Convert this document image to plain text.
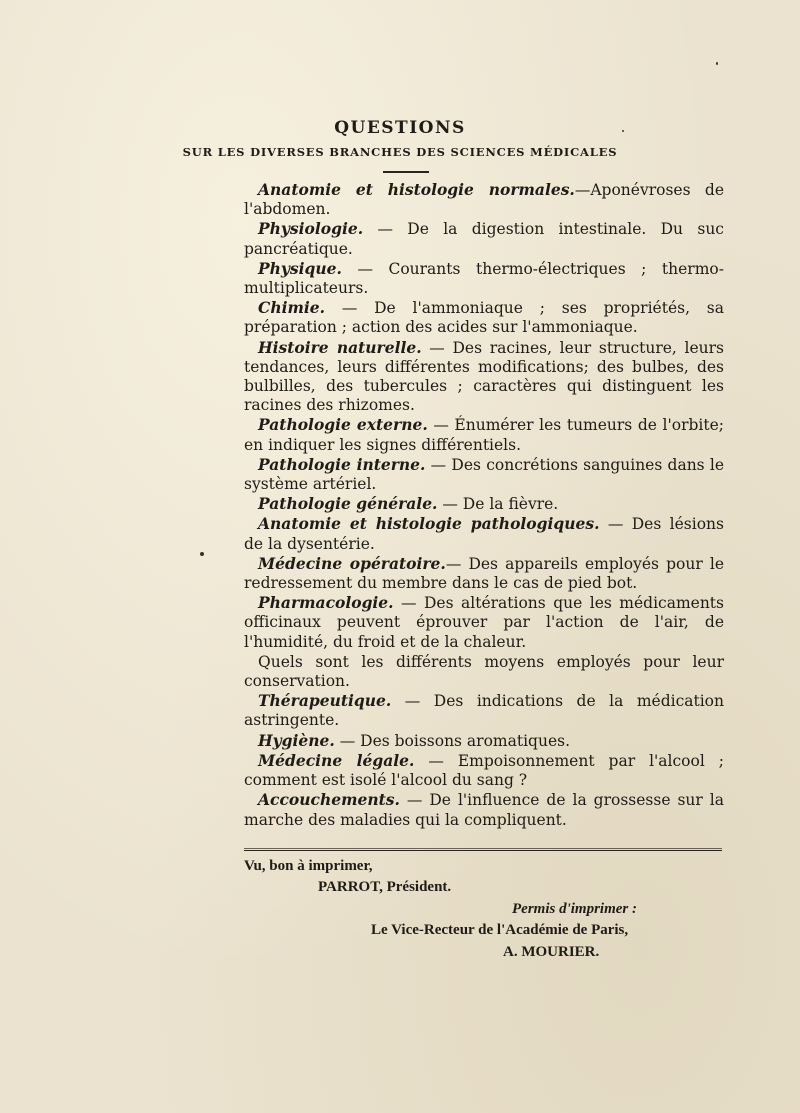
QUESTIONS
SUR LES DIVERSES BRANCHES DES SCIENCES MÉDICALES

Anatomie et histologie normales.—Aponévroses de l'abdomen.

Physiologie. — De la digestion intestinale. Du suc pancréatique.

Physique. — Courants thermo-électriques ; thermo-multiplicateurs.

Chimie. — De l'ammoniaque ; ses propriétés, sa préparation ; action des acides sur l'ammoniaque.

Histoire naturelle. — Des racines, leur structure, leurs tendances, leurs différentes modifications; des bulbes, des bulbilles, des tubercules ; caractères qui distinguent les racines des rhizomes.

Pathologie externe. — Énumérer les tumeurs de l'orbite; en indiquer les signes différentiels.

Pathologie interne. — Des concrétions sanguines dans le système artériel.

Pathologie générale. — De la fièvre.

Anatomie et histologie pathologiques. — Des lésions de la dysentérie.

Médecine opératoire.— Des appareils employés pour le redressement du membre dans le cas de pied bot.

Pharmacologie. — Des altérations que les médicaments officinaux peuvent éprouver par l'action de l'air, de l'humidité, du froid et de la chaleur.

Quels sont les différents moyens employés pour leur conservation.

Thérapeutique. — Des indications de la médication astringente.

Hygiène. — Des boissons aromatiques.

Médecine légale. — Empoisonnement par l'alcool ; comment est isolé l'alcool du sang ?

Accouchements. — De l'influence de la grossesse sur la marche des maladies qui la compliquent.

Vu, bon à imprimer,
PARROT, Président.
Permis d'imprimer :
Le Vice-Recteur de l'Académie de Paris,
A. MOURIER.
